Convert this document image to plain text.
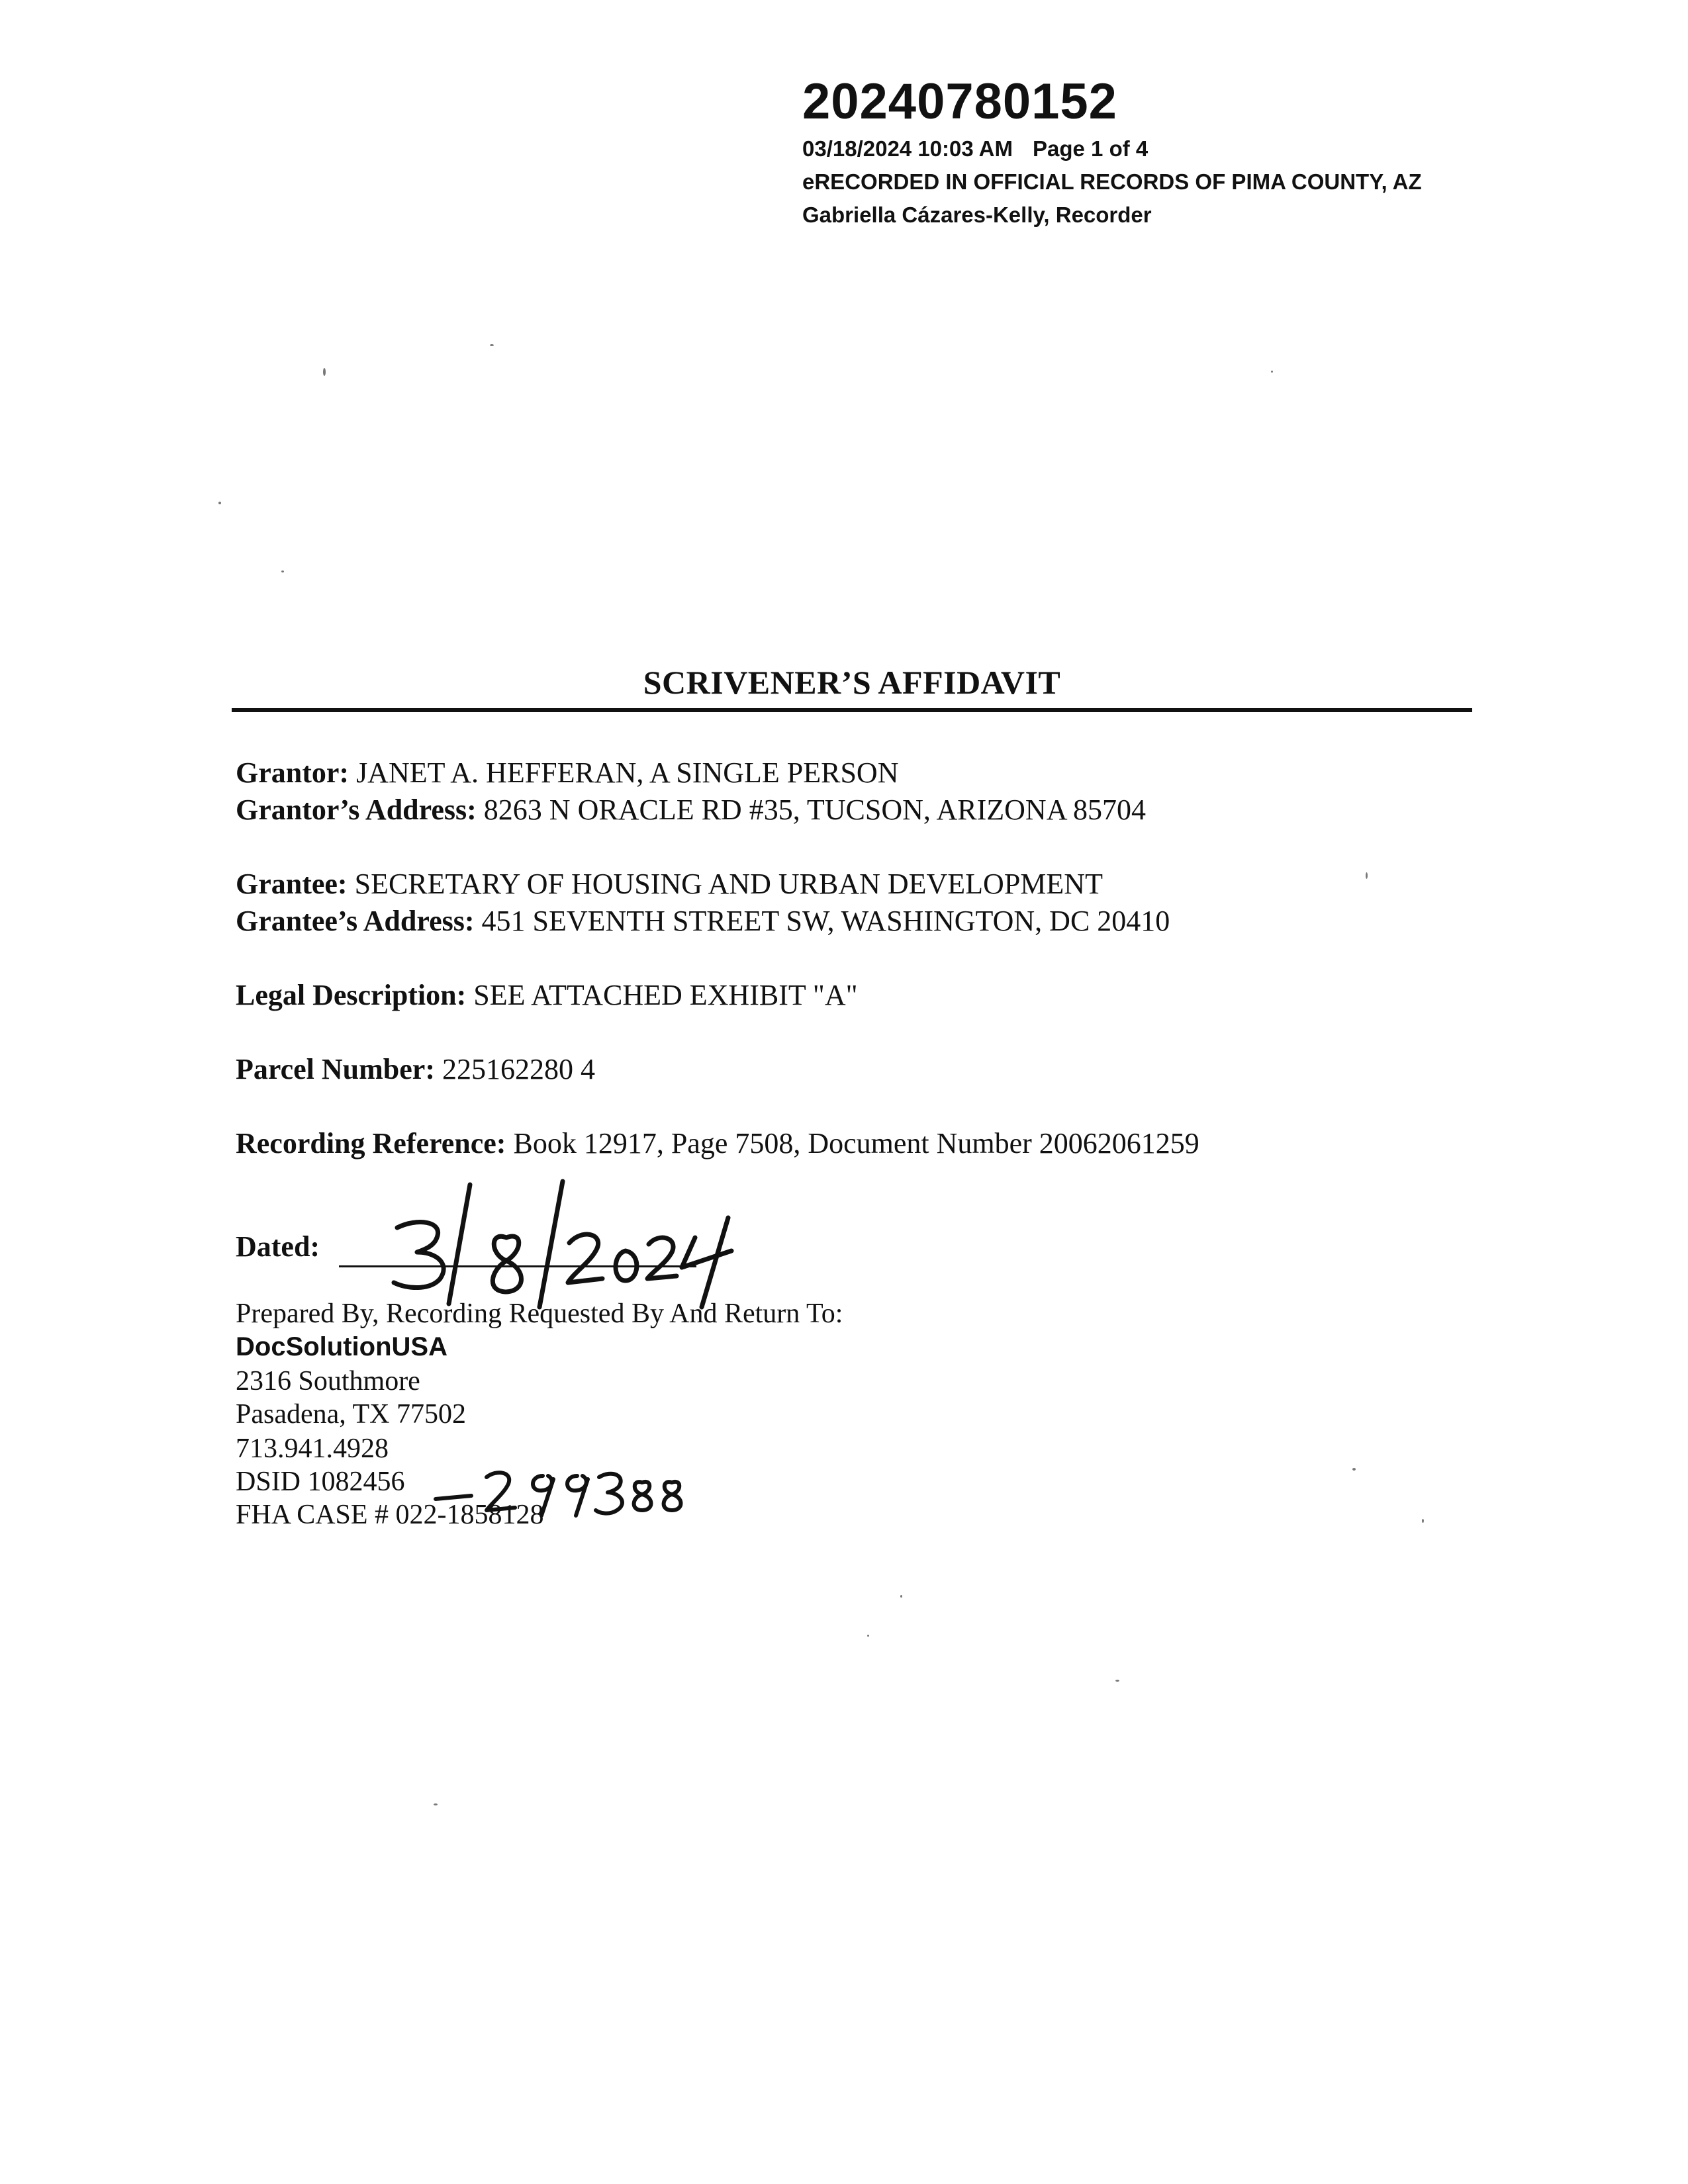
20240780152
03/18/2024 10:03 AM Page 1 of 4
eRECORDED IN OFFICIAL RECORDS OF PIMA COUNTY, AZ
Gabriella Cázares-Kelly, Recorder
SCRIVENER’S AFFIDAVIT
Grantor: JANET A. HEFFERAN, A SINGLE PERSON
Grantor’s Address: 8263 N ORACLE RD #35, TUCSON, ARIZONA 85704
Grantee: SECRETARY OF HOUSING AND URBAN DEVELOPMENT
Grantee’s Address: 451 SEVENTH STREET SW, WASHINGTON, DC 20410
Legal Description: SEE ATTACHED EXHIBIT "A"
Parcel Number: 225162280 4
Recording Reference: Book 12917, Page 7508, Document Number 20062061259
Dated:
Prepared By, Recording Requested By And Return To:
DocSolutionUSA
2316 Southmore
Pasadena, TX 77502
713.941.4928
DSID 1082456
FHA CASE # 022-1858128
